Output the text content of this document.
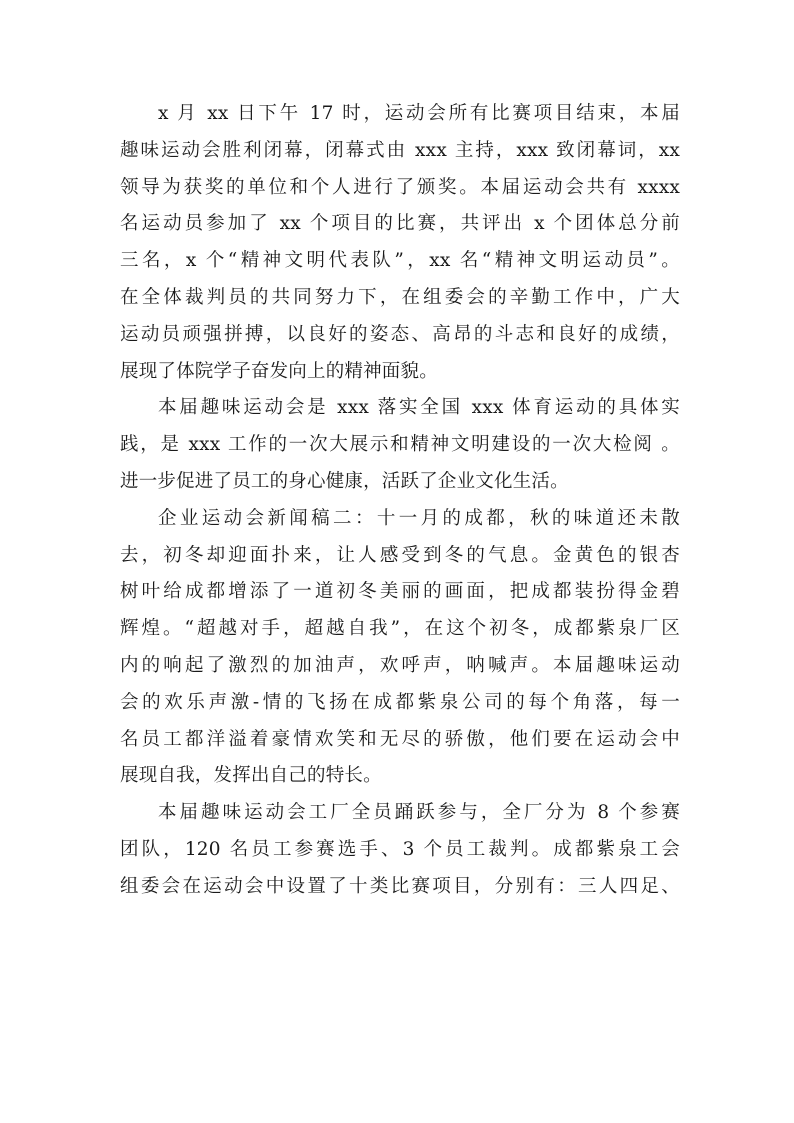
x 月 xx 日下午 17 时，运动会所有比赛项目结束，本届
趣味运动会胜利闭幕，闭幕式由 xxx 主持，xxx 致闭幕词，xx
领导为获奖的单位和个人进行了颁奖。本届运动会共有 xxxx
名运动员参加了 xx 个项目的比赛，共评出 x 个团体总分前
三名，x 个“精神文明代表队”，xx 名“精神文明运动员”。
在全体裁判员的共同努力下，在组委会的辛勤工作中，广大
运动员顽强拼搏，以良好的姿态、高昂的斗志和良好的成绩，
展现了体院学子奋发向上的精神面貌。
本届趣味运动会是 xxx 落实全国 xxx 体育运动的具体实
践，是 xxx 工作的一次大展示和精神文明建设的一次大检阅 。
进一步促进了员工的身心健康，活跃了企业文化生活。
企业运动会新闻稿二：十一月的成都，秋的味道还未散
去，初冬却迎面扑来，让人感受到冬的气息。金黄色的银杏
树叶给成都增添了一道初冬美丽的画面，把成都装扮得金碧
辉煌。“超越对手，超越自我”，在这个初冬，成都紫泉厂区
内的响起了激烈的加油声，欢呼声，呐喊声。本届趣味运动
会的欢乐声激-情的飞扬在成都紫泉公司的每个角落，每一
名员工都洋溢着豪情欢笑和无尽的骄傲，他们要在运动会中
展现自我，发挥出自己的特长。
本届趣味运动会工厂全员踊跃参与，全厂分为 8 个参赛
团队，120 名员工参赛选手、3 个员工裁判。成都紫泉工会
组委会在运动会中设置了十类比赛项目，分别有：三人四足、
